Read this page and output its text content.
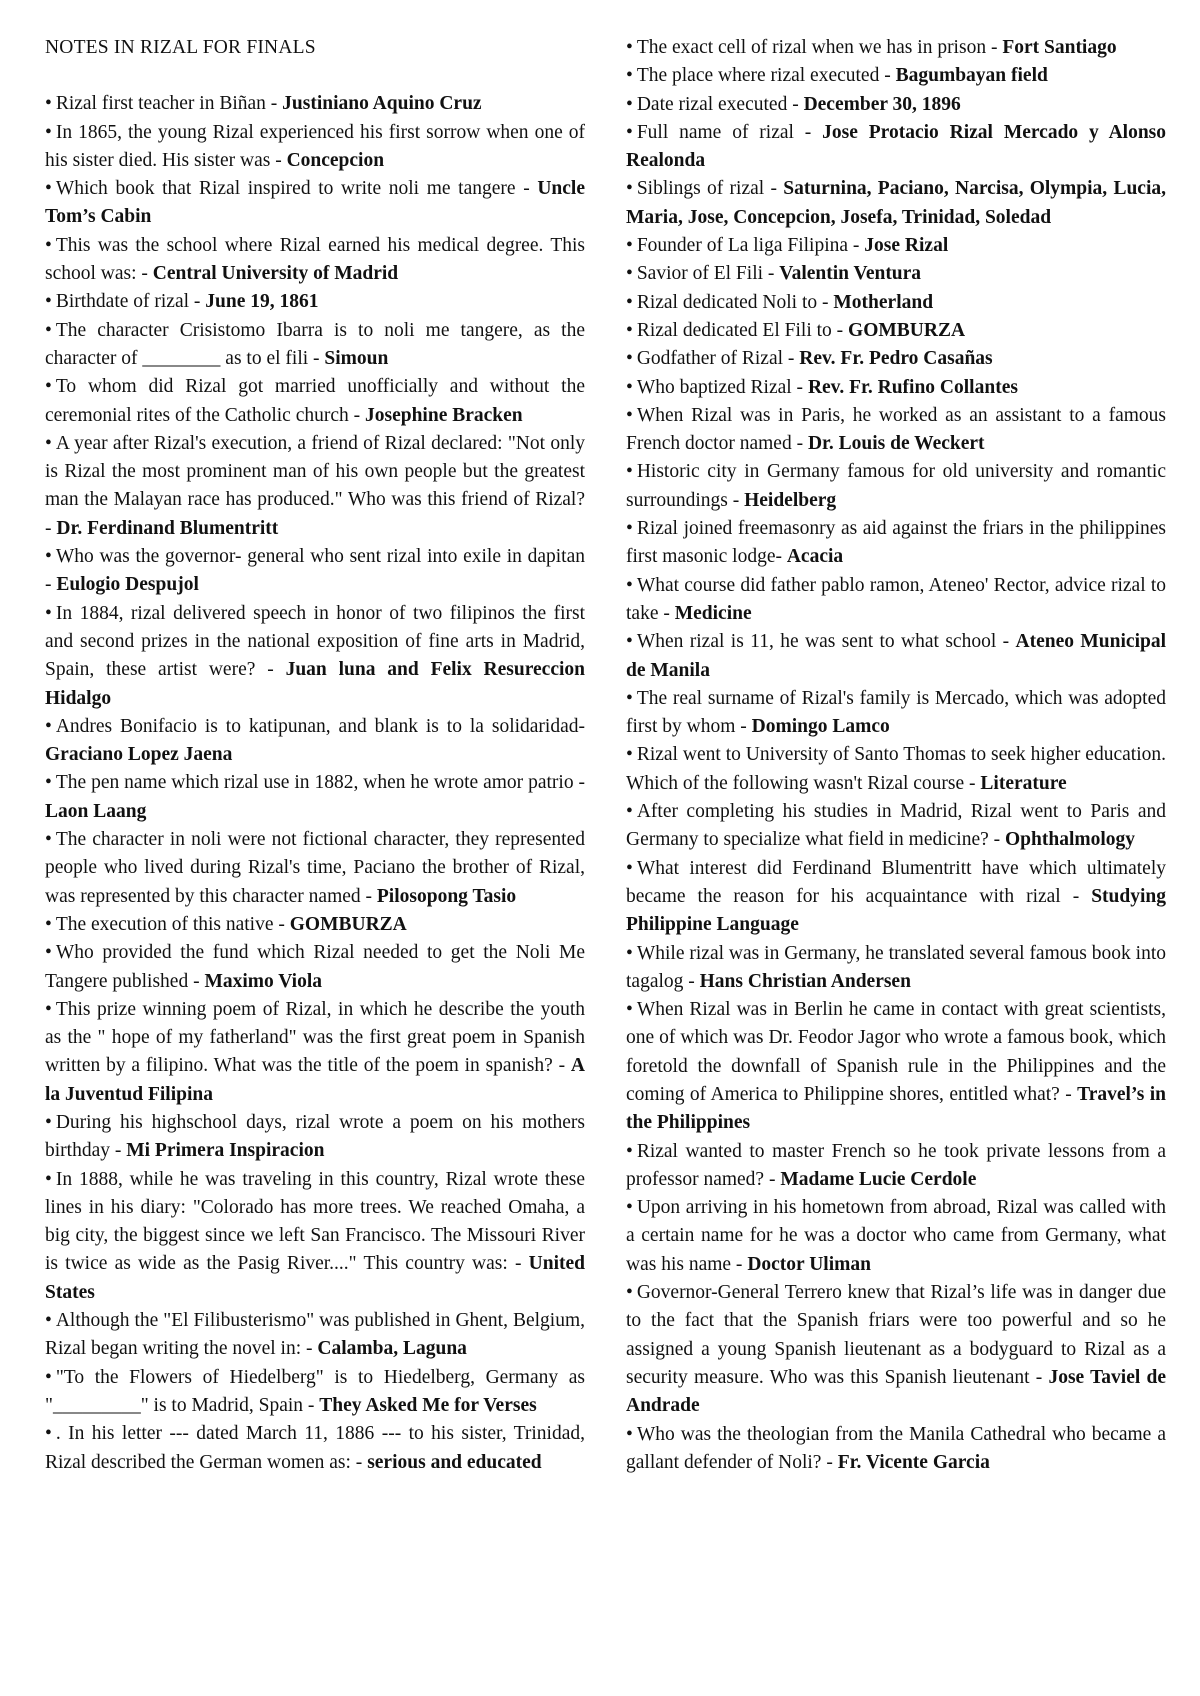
NOTES IN RIZAL FOR FINALS

• Rizal first teacher in Biñan - Justiniano Aquino Cruz

• In 1865, the young Rizal experienced his first sorrow when one of his sister died. His sister was - Concepcion

• Which book that Rizal inspired to write noli me tangere - Uncle Tom’s Cabin

• This was the school where Rizal earned his medical degree. This school was: - Central University of Madrid

• Birthdate of rizal - June 19, 1861

• The character Crisistomo Ibarra is to noli me tangere, as the character of ________ as to el fili - Simoun

• To whom did Rizal got married unofficially and without the ceremonial rites of the Catholic church - Josephine Bracken

• A year after Rizal's execution, a friend of Rizal declared: "Not only is Rizal the most prominent man of his own people but the greatest man the Malayan race has produced." Who was this friend of Rizal? - Dr. Ferdinand Blumentritt

• Who was the governor- general who sent rizal into exile in dapitan - Eulogio Despujol

• In 1884, rizal delivered speech in honor of two filipinos the first and second prizes in the national exposition of fine arts in Madrid, Spain, these artist were? - Juan luna and Felix Resureccion Hidalgo

• Andres Bonifacio is to katipunan, and blank is to la solidaridad- Graciano Lopez Jaena

• The pen name which rizal use in 1882, when he wrote amor patrio - Laon Laang

• The character in noli were not fictional character, they represented people who lived during Rizal's time, Paciano the brother of Rizal, was represented by this character named - Pilosopong Tasio

• The execution of this native - GOMBURZA

• Who provided the fund which Rizal needed to get the Noli Me Tangere published - Maximo Viola

• This prize winning poem of Rizal, in which he describe the youth as the " hope of my fatherland" was the first great poem in Spanish written by a filipino. What was the title of the poem in spanish? - A la Juventud Filipina

• During his highschool days, rizal wrote a poem on his mothers birthday - Mi Primera Inspiracion

• In 1888, while he was traveling in this country, Rizal wrote these lines in his diary: "Colorado has more trees. We reached Omaha, a big city, the biggest since we left San Francisco. The Missouri River is twice as wide as the Pasig River...." This country was: - United States

• Although the "El Filibusterismo" was published in Ghent, Belgium, Rizal began writing the novel in: - Calamba, Laguna

• "To the Flowers of Hiedelberg" is to Hiedelberg, Germany as "_________" is to Madrid, Spain - They Asked Me for Verses

• . In his letter --- dated March 11, 1886 --- to his sister, Trinidad, Rizal described the German women as: - serious and educated

• The exact cell of rizal when we has in prison - Fort Santiago

• The place where rizal executed - Bagumbayan field

• Date rizal executed - December 30, 1896

• Full name of rizal - Jose Protacio Rizal Mercado y Alonso Realonda

• Siblings of rizal - Saturnina, Paciano, Narcisa, Olympia, Lucia, Maria, Jose, Concepcion, Josefa, Trinidad, Soledad

• Founder of La liga Filipina - Jose Rizal

• Savior of El Fili - Valentin Ventura

• Rizal dedicated Noli to - Motherland

• Rizal dedicated El Fili to - GOMBURZA

• Godfather of Rizal - Rev. Fr. Pedro Casañas

• Who baptized Rizal - Rev. Fr. Rufino Collantes

• When Rizal was in Paris, he worked as an assistant to a famous French doctor named - Dr. Louis de Weckert

• Historic city in Germany famous for old university and romantic surroundings - Heidelberg

• Rizal joined freemasonry as aid against the friars in the philippines first masonic lodge- Acacia

• What course did father pablo ramon, Ateneo' Rector, advice rizal to take - Medicine

• When rizal is 11, he was sent to what school - Ateneo Municipal de Manila

• The real surname of Rizal's family is Mercado, which was adopted first by whom - Domingo Lamco

• Rizal went to University of Santo Thomas to seek higher education. Which of the following wasn't Rizal course - Literature

• After completing his studies in Madrid, Rizal went to Paris and Germany to specialize what field in medicine? - Ophthalmology

• What interest did Ferdinand Blumentritt have which ultimately became the reason for his acquaintance with rizal - Studying Philippine Language

• While rizal was in Germany, he translated several famous book into tagalog - Hans Christian Andersen

• When Rizal was in Berlin he came in contact with great scientists, one of which was Dr. Feodor Jagor who wrote a famous book, which foretold the downfall of Spanish rule in the Philippines and the coming of America to Philippine shores, entitled what? - Travel’s in the Philippines

• Rizal wanted to master French so he took private lessons from a professor named? - Madame Lucie Cerdole

• Upon arriving in his hometown from abroad, Rizal was called with a certain name for he was a doctor who came from Germany, what was his name - Doctor Uliman

• Governor-General Terrero knew that Rizal’s life was in danger due to the fact that the Spanish friars were too powerful and so he assigned a young Spanish lieutenant as a bodyguard to Rizal as a security measure. Who was this Spanish lieutenant - Jose Taviel de Andrade

• Who was the theologian from the Manila Cathedral who became a gallant defender of Noli? - Fr. Vicente Garcia
